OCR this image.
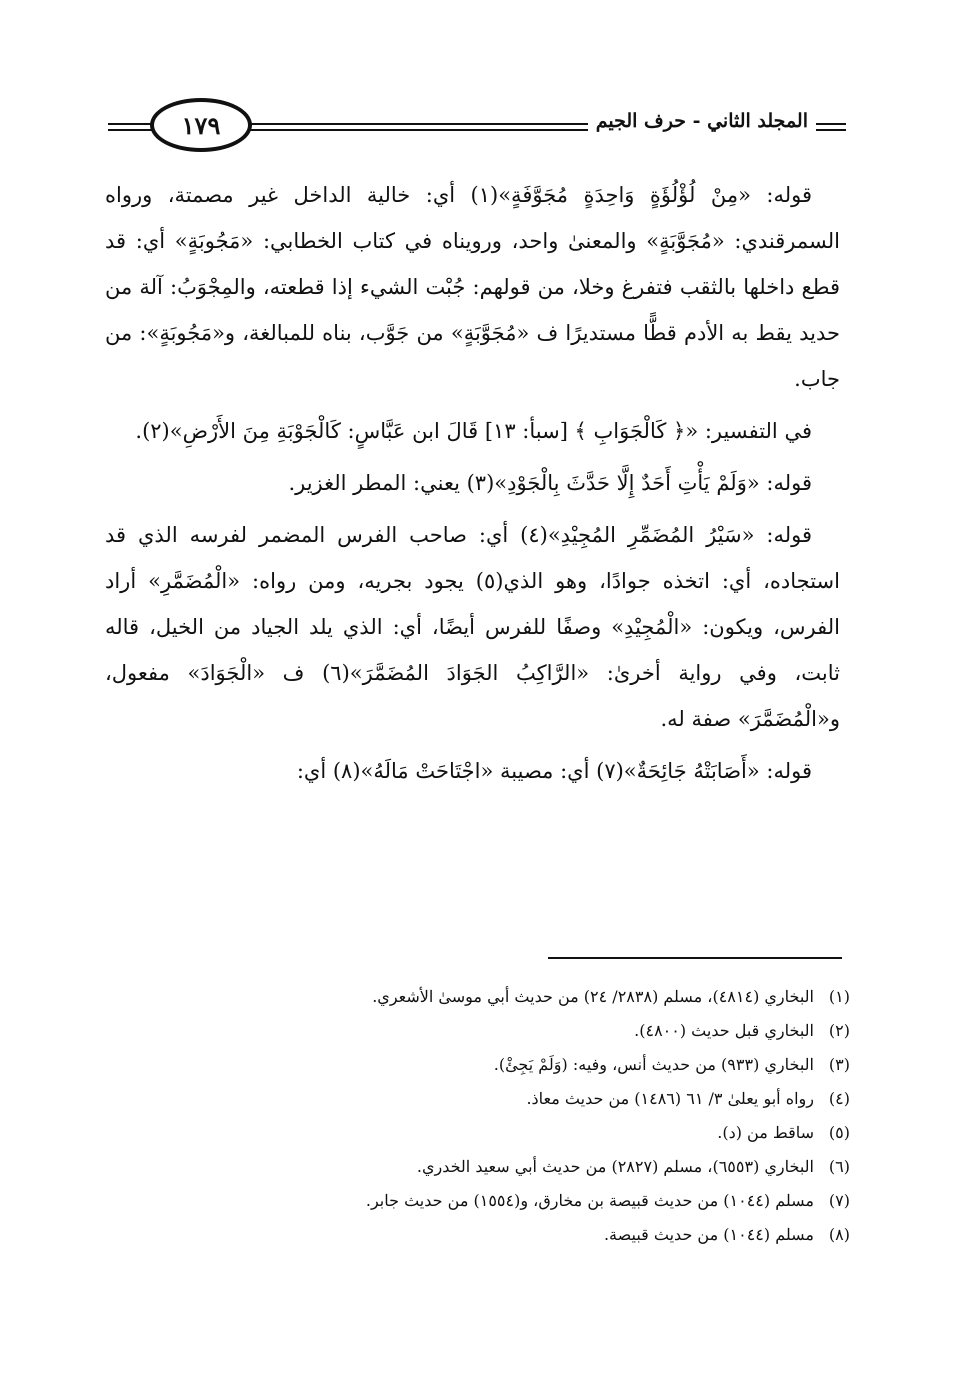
١٧٩	المجلد الثاني - حرف الجيم

قوله: «مِنْ لُؤْلُؤَةٍ وَاحِدَةٍ مُجَوَّفَةٍ»(١) أي: خالية الداخل غير مصمتة، ورواه السمرقندي: «مُجَوَّبَةٍ» والمعنىٰ واحد، ورويناه في كتاب الخطابي: «مَجُوبَةٍ» أي: قد قطع داخلها بالثقب فتفرغ وخلا، من قولهم: جُبْت الشيء إذا قطعته، والمِجْوَبُ: آلة من حديد يقط به الأدم قطًّا مستديرًا ف «مُجَوَّبَةٍ» من جَوَّب، بناه للمبالغة، و«مَجُوبَةٍ»: من جاب.

في التفسير: «﴿ كَالْجَوَابِ ﴾ [سبأ: ١٣] قَالَ ابن عَبَّاسٍ: كَالْجَوْبَةِ مِنَ الأَرْضِ»(٢).

قوله: «وَلَمْ يَأْتِ أَحَدٌ إِلَّا حَدَّثَ بِالْجَوْدِ»(٣) يعني: المطر الغزير.

قوله: «سَيْرُ المُضَمِّرِ المُجِيْدِ»(٤) أي: صاحب الفرس المضمر لفرسه الذي قد استجاده، أي: اتخذه جوادًا، وهو الذي(٥) يجود بجريه، ومن رواه: «الْمُضَمَّرِ» أراد الفرس، ويكون: «الْمُجِيْدِ» وصفًا للفرس أيضًا، أي: الذي يلد الجياد من الخيل، قاله ثابت، وفي رواية أخرىٰ: «الرَّاكِبُ الجَوَادَ المُضَمَّرَ»(٦) ف «الْجَوَادَ» مفعول، و«الْمُضَمَّرَ» صفة له.

قوله: «أَصَابَتْهُ جَائِحَةٌ»(٧) أي: مصيبة «اجْتَاحَتْ مَالَهُ»(٨) أي:

(١)البخاري (٤٨١٤)، مسلم (٢٨٣٨/ ٢٤) من حديث أبي موسىٰ الأشعري.
(٢)البخاري قبل حديث (٤٨٠٠).
(٣)البخاري (٩٣٣) من حديث أنس، وفيه: (وَلَمْ يَجِئْ).
(٤)رواه أبو يعلىٰ ٣/ ٦١ (١٤٨٦) من حديث معاذ.
(٥)ساقط من (د).
(٦)البخاري (٦٥٥٣)، مسلم (٢٨٢٧) من حديث أبي سعيد الخدري.
(٧)مسلم (١٠٤٤) من حديث قبيصة بن مخارق، و(١٥٥٤) من حديث جابر.
(٨)مسلم (١٠٤٤) من حديث قبيصة.
